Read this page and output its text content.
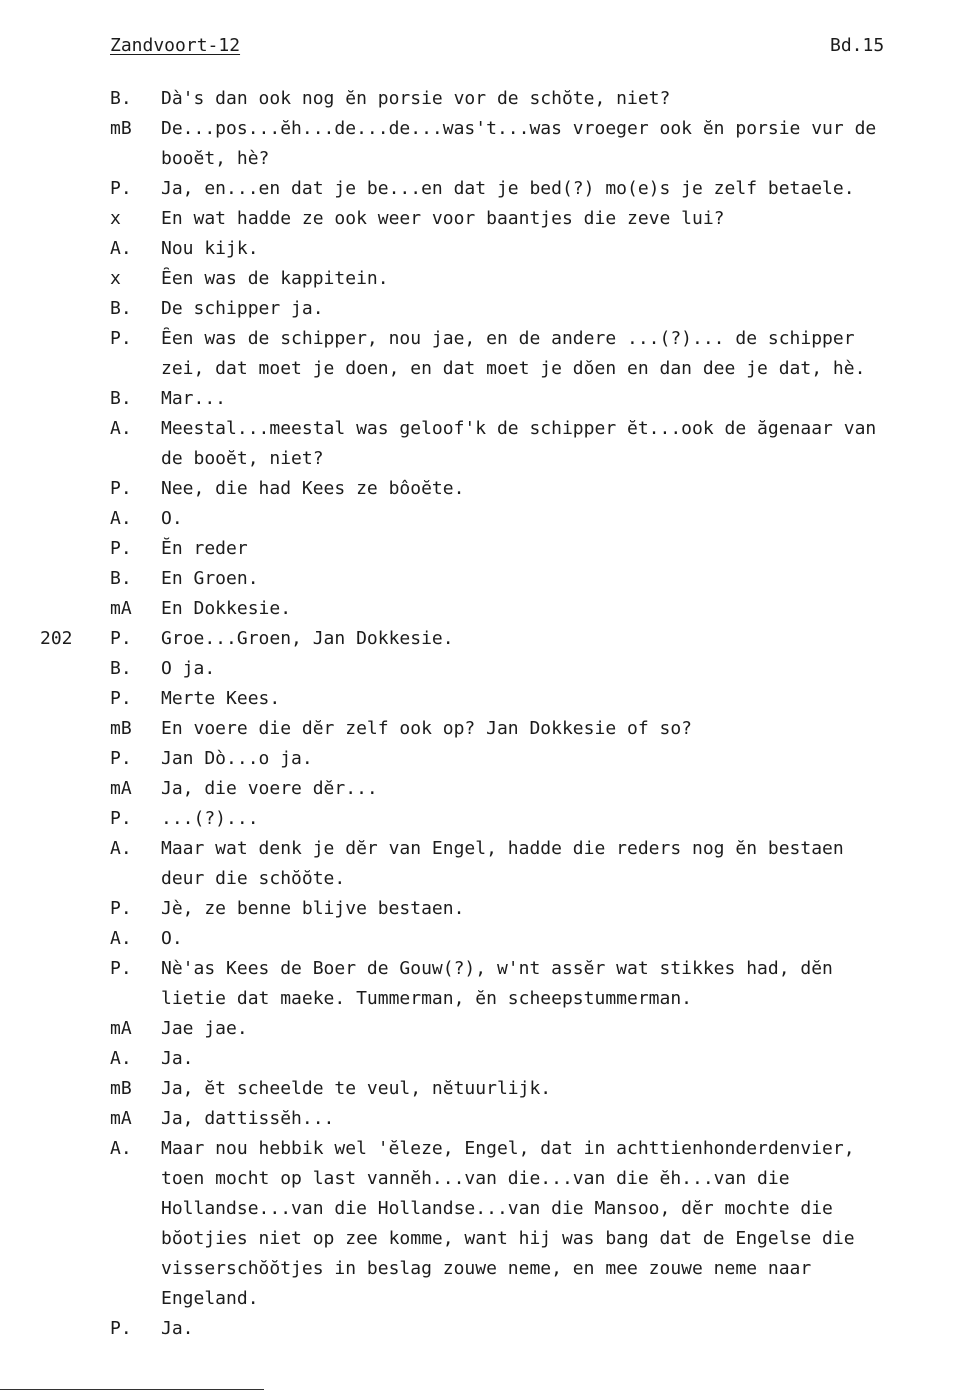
Zandvoort-12	Bd.15
B. Dà's dan ook nog ĕn porsie vor de schŏte, niet?
mB De...pos...ĕh...de...de...was't...was vroeger ook ĕn porsie vur de
booĕt, hè?
P. Ja, en...en dat je be...en dat je bed(?) mo(e)s je zelf betaele.
x En wat hadde ze ook weer voor baantjes die zeve lui?
A. Nou kijk.
x Ȇen was de kappitein.
B. De schipper ja.
P. Ȇen was de schipper, nou jae, en de andere ...(?)... de schipper
zei, dat moet je doen, en dat moet je dŏen en dan dee je dat, hè.
B. Mar...
A. Meestal...meestal was geloof'k de schipper ĕt...ook de ăgenaar van
de booĕt, niet?
P. Nee, die had Kees ze bôoĕte.
A. O.
P. Ĕn reder
B. En Groen.
mA En Dokkesie.
202 P. Groe...Groen, Jan Dokkesie.
B. O ja.
P. Merte Kees.
mB En voere die dĕr zelf ook op? Jan Dokkesie of so?
P. Jan Dò...o ja.
mA Ja, die voere dĕr...
P. ...(?)...
A. Maar wat denk je dĕr van Engel, hadde die reders nog ĕn bestaen
deur die schŏŏte.
P. Jè, ze benne blijve bestaen.
A. O.
P. Nè'as Kees de Boer de Gouw(?), w'nt assĕr wat stikkes had, dĕn
lietie dat maeke. Tummerman, ĕn scheepstummerman.
mA Jae jae.
A. Ja.
mB Ja, ĕt scheelde te veul, nĕtuurlijk.
mA Ja, dattissĕh...
A. Maar nou hebbik wel 'ĕleze, Engel, dat in achttienhonderdenvier,
toen mocht op last vannĕh...van die...van die ĕh...van die
Hollandse...van die Hollandse...van die Mansoo, dĕr mochte die
bŏotjies niet op zee komme, want hij was bang dat de Engelse die
visserschŏŏtjes in beslag zouwe neme, en mee zouwe neme naar
Engeland.
P. Ja.
